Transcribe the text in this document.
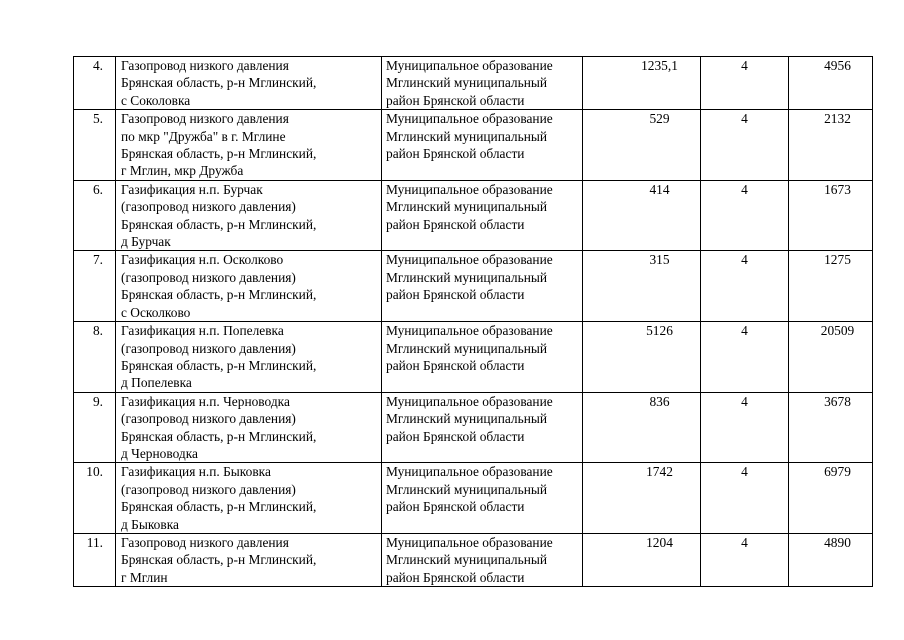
4.	Газопровод низкого давления
Брянская область, р-н Мглинский,
с Соколовка	Муниципальное образование
Мглинский муниципальный
район Брянской области	1235,1	4	4956
5.	Газопровод низкого давления
по мкр "Дружба" в г. Мглине
Брянская область, р-н Мглинский,
г Мглин, мкр Дружба	Муниципальное образование
Мглинский муниципальный
район Брянской области	529	4	2132
6.	Газификация н.п. Бурчак
(газопровод низкого давления)
Брянская область, р-н Мглинский,
д Бурчак	Муниципальное образование
Мглинский муниципальный
район Брянской области	414	4	1673
7.	Газификация н.п. Осколково
(газопровод низкого давления)
Брянская область, р-н Мглинский,
с Осколково	Муниципальное образование
Мглинский муниципальный
район Брянской области	315	4	1275
8.	Газификация н.п. Попелевка
(газопровод низкого давления)
Брянская область, р-н Мглинский,
д Попелевка	Муниципальное образование
Мглинский муниципальный
район Брянской области	5126	4	20509
9.	Газификация н.п. Черноводка
(газопровод низкого давления)
Брянская область, р-н Мглинский,
д Черноводка	Муниципальное образование
Мглинский муниципальный
район Брянской области	836	4	3678
10.	Газификация н.п. Быковка
(газопровод низкого давления)
Брянская область, р-н Мглинский,
д Быковка	Муниципальное образование
Мглинский муниципальный
район Брянской области	1742	4	6979
11.	Газопровод низкого давления
Брянская область, р-н Мглинский,
г Мглин	Муниципальное образование
Мглинский муниципальный
район Брянской области	1204	4	4890
